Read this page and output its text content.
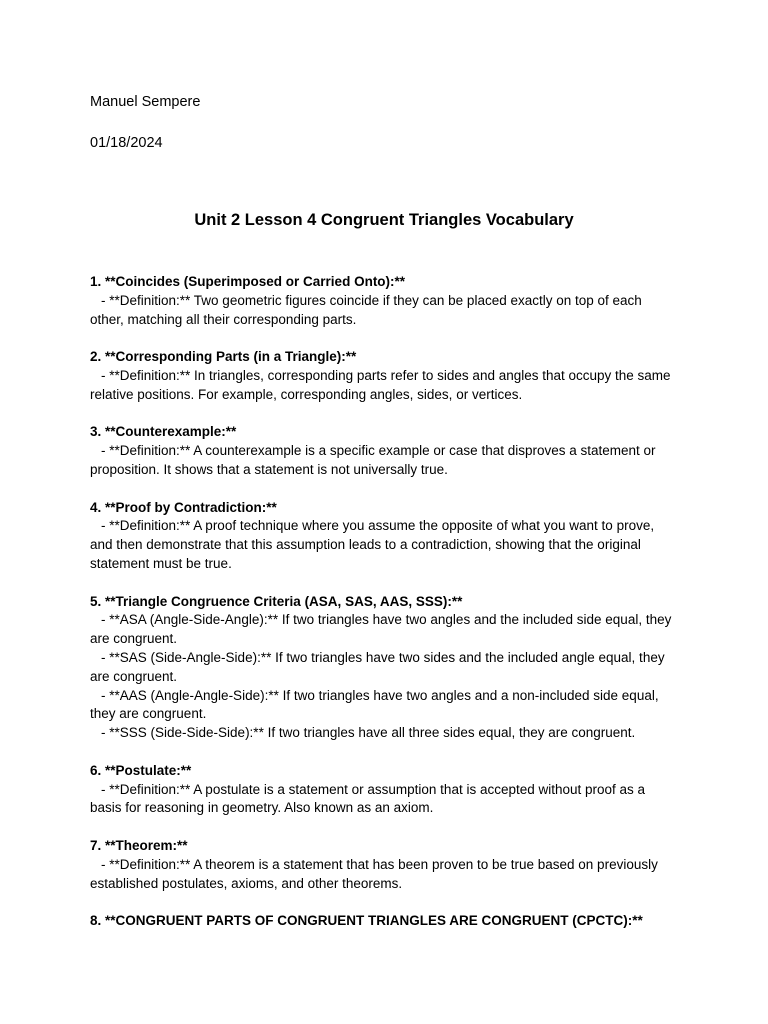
Manuel Sempere
01/18/2024
Unit 2 Lesson 4 Congruent Triangles Vocabulary
1. **Coincides (Superimposed or Carried Onto):**
- **Definition:** Two geometric figures coincide if they can be placed exactly on top of each other, matching all their corresponding parts.
2. **Corresponding Parts (in a Triangle):**
- **Definition:** In triangles, corresponding parts refer to sides and angles that occupy the same relative positions. For example, corresponding angles, sides, or vertices.
3. **Counterexample:**
- **Definition:** A counterexample is a specific example or case that disproves a statement or proposition. It shows that a statement is not universally true.
4. **Proof by Contradiction:**
- **Definition:** A proof technique where you assume the opposite of what you want to prove, and then demonstrate that this assumption leads to a contradiction, showing that the original statement must be true.
5. **Triangle Congruence Criteria (ASA, SAS, AAS, SSS):**
- **ASA (Angle-Side-Angle):** If two triangles have two angles and the included side equal, they are congruent.
- **SAS (Side-Angle-Side):** If two triangles have two sides and the included angle equal, they are congruent.
- **AAS (Angle-Angle-Side):** If two triangles have two angles and a non-included side equal, they are congruent.
- **SSS (Side-Side-Side):** If two triangles have all three sides equal, they are congruent.
6. **Postulate:**
- **Definition:** A postulate is a statement or assumption that is accepted without proof as a basis for reasoning in geometry. Also known as an axiom.
7. **Theorem:**
- **Definition:** A theorem is a statement that has been proven to be true based on previously established postulates, axioms, and other theorems.
8. **CONGRUENT PARTS OF CONGRUENT TRIANGLES ARE CONGRUENT (CPCTC):**
